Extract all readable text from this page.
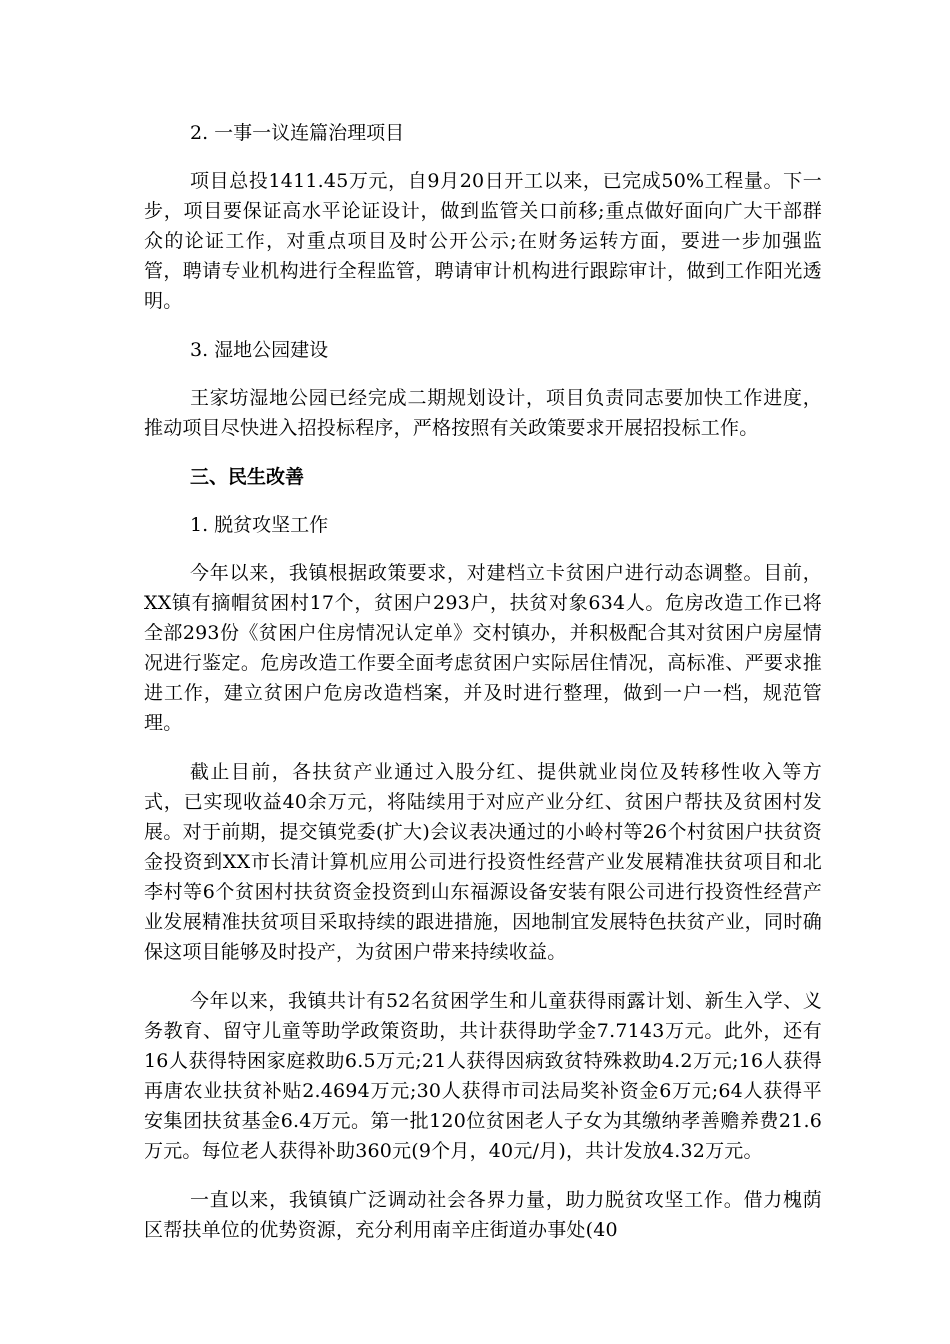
2. 一事一议连篇治理项目

项目总投1411.45万元，自9月20日开工以来，已完成50%工程量。下一步，项目要保证高水平论证设计，做到监管关口前移;重点做好面向广大干部群众的论证工作，对重点项目及时公开公示;在财务运转方面，要进一步加强监管，聘请专业机构进行全程监管，聘请审计机构进行跟踪审计，做到工作阳光透明。

3. 湿地公园建设

王家坊湿地公园已经完成二期规划设计，项目负责同志要加快工作进度，推动项目尽快进入招投标程序，严格按照有关政策要求开展招投标工作。

三、民生改善

1. 脱贫攻坚工作

今年以来，我镇根据政策要求，对建档立卡贫困户进行动态调整。目前，XX镇有摘帽贫困村17个，贫困户293户，扶贫对象634人。危房改造工作已将全部293份《贫困户住房情况认定单》交村镇办，并积极配合其对贫困户房屋情况进行鉴定。危房改造工作要全面考虑贫困户实际居住情况，高标准、严要求推进工作，建立贫困户危房改造档案，并及时进行整理，做到一户一档，规范管理。

截止目前，各扶贫产业通过入股分红、提供就业岗位及转移性收入等方式，已实现收益40余万元，将陆续用于对应产业分红、贫困户帮扶及贫困村发展。对于前期，提交镇党委(扩大)会议表决通过的小岭村等26个村贫困户扶贫资金投资到XX市长清计算机应用公司进行投资性经营产业发展精准扶贫项目和北李村等6个贫困村扶贫资金投资到山东福源设备安装有限公司进行投资性经营产业发展精准扶贫项目采取持续的跟进措施，因地制宜发展特色扶贫产业，同时确保这项目能够及时投产，为贫困户带来持续收益。

今年以来，我镇共计有52名贫困学生和儿童获得雨露计划、新生入学、义务教育、留守儿童等助学政策资助，共计获得助学金7.7143万元。此外，还有16人获得特困家庭救助6.5万元;21人获得因病致贫特殊救助4.2万元;16人获得再唐农业扶贫补贴2.4694万元;30人获得市司法局奖补资金6万元;64人获得平安集团扶贫基金6.4万元。第一批120位贫困老人子女为其缴纳孝善赡养费21.6万元。每位老人获得补助360元(9个月，40元/月)，共计发放4.32万元。

一直以来，我镇镇广泛调动社会各界力量，助力脱贫攻坚工作。借力槐荫区帮扶单位的优势资源，充分利用南辛庄街道办事处(40
